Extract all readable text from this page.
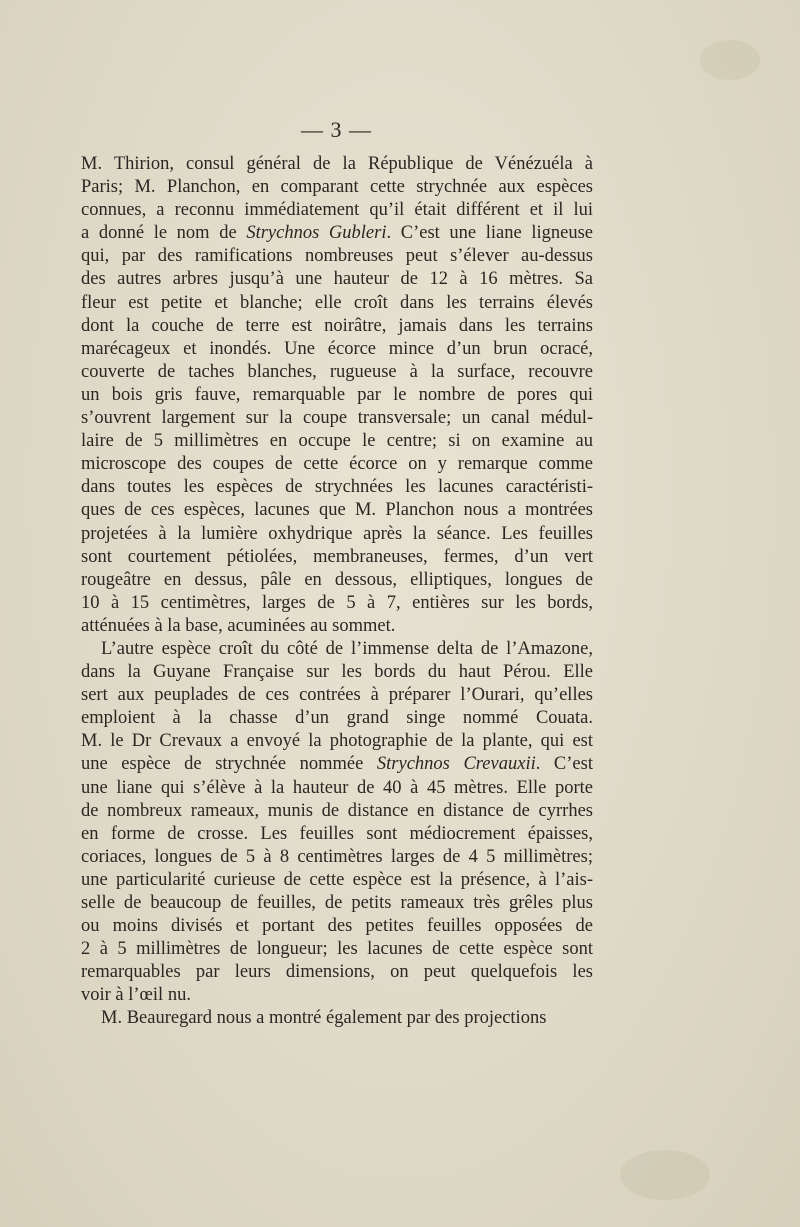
— 3 —
M. Thirion, consul général de la République de Vénézuéla à
Paris; M. Planchon, en comparant cette strychnée aux espèces
connues, a reconnu immédiatement qu’il était différent et il lui
a donné le nom de Strychnos Gubleri. C’est une liane ligneuse
qui, par des ramifications nombreuses peut s’élever au-dessus
des autres arbres jusqu’à une hauteur de 12 à 16 mètres. Sa
fleur est petite et blanche; elle croît dans les terrains élevés
dont la couche de terre est noirâtre, jamais dans les terrains
marécageux et inondés. Une écorce mince d’un brun ocracé,
couverte de taches blanches, rugueuse à la surface, recouvre
un bois gris fauve, remarquable par le nombre de pores qui
s’ouvrent largement sur la coupe transversale; un canal médul-
laire de 5 millimètres en occupe le centre; si on examine au
microscope des coupes de cette écorce on y remarque comme
dans toutes les espèces de strychnées les lacunes caractéristi-
ques de ces espèces, lacunes que M. Planchon nous a montrées
projetées à la lumière oxhydrique après la séance. Les feuilles
sont courtement pétiolées, membraneuses, fermes, d’un vert
rougeâtre en dessus, pâle en dessous, elliptiques, longues de
10 à 15 centimètres, larges de 5 à 7, entières sur les bords,
atténuées à la base, acuminées au sommet.
L’autre espèce croît du côté de l’immense delta de l’Amazone,
dans la Guyane Française sur les bords du haut Pérou. Elle
sert aux peuplades de ces contrées à préparer l’Ourari, qu’elles
emploient à la chasse d’un grand singe nommé Couata.
M. le Dr Crevaux a envoyé la photographie de la plante, qui est
une espèce de strychnée nommée Strychnos Crevauxii. C’est
une liane qui s’élève à la hauteur de 40 à 45 mètres. Elle porte
de nombreux rameaux, munis de distance en distance de cyrrhes
en forme de crosse. Les feuilles sont médiocrement épaisses,
coriaces, longues de 5 à 8 centimètres larges de 4 5 millimètres;
une particularité curieuse de cette espèce est la présence, à l’ais-
selle de beaucoup de feuilles, de petits rameaux très grêles plus
ou moins divisés et portant des petites feuilles opposées de
2 à 5 millimètres de longueur; les lacunes de cette espèce sont
remarquables par leurs dimensions, on peut quelquefois les
voir à l’œil nu.
M. Beauregard nous a montré également par des projections
